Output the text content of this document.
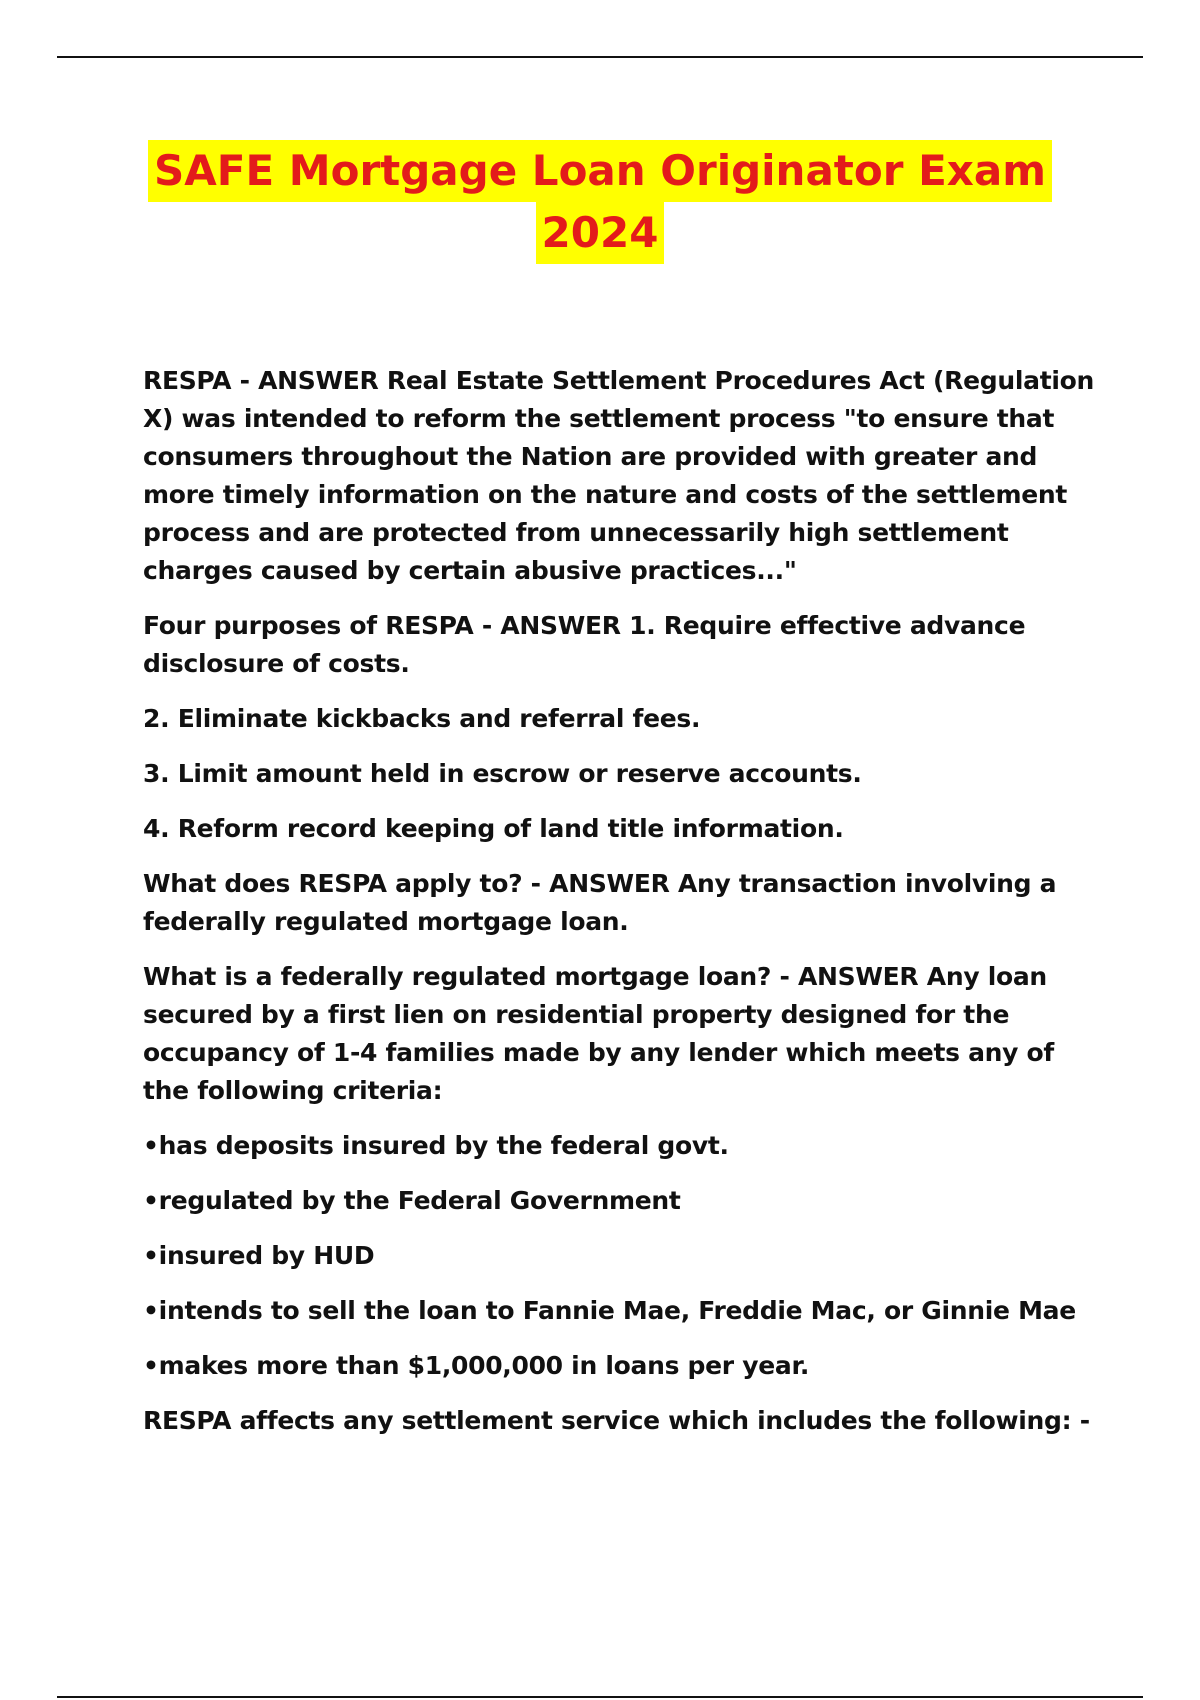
SAFE Mortgage Loan Originator Exam
2024

RESPA - ANSWER Real Estate Settlement Procedures Act (Regulation X) was intended to reform the settlement process "to ensure that consumers throughout the Nation are provided with greater and more timely information on the nature and costs of the settlement process and are protected from unnecessarily high settlement charges caused by certain abusive practices..."

Four purposes of RESPA - ANSWER 1. Require effective advance disclosure of costs.

2. Eliminate kickbacks and referral fees.

3. Limit amount held in escrow or reserve accounts.

4. Reform record keeping of land title information.

What does RESPA apply to? - ANSWER Any transaction involving a federally regulated mortgage loan.

What is a federally regulated mortgage loan? - ANSWER Any loan secured by a first lien on residential property designed for the occupancy of 1-4 families made by any lender which meets any of the following criteria:

•has deposits insured by the federal govt.

•regulated by the Federal Government

•insured by HUD

•intends to sell the loan to Fannie Mae, Freddie Mac, or Ginnie Mae

•makes more than $1,000,000 in loans per year.

RESPA affects any settlement service which includes the following: -
